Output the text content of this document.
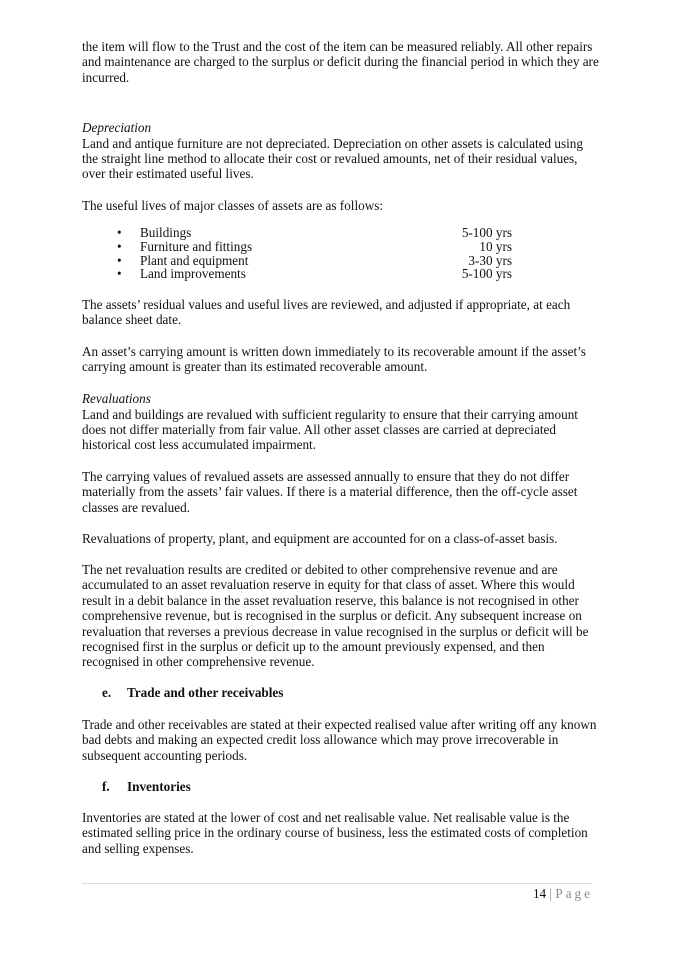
the item will flow to the Trust and the cost of the item can be measured reliably. All other repairs and maintenance are charged to the surplus or deficit during the financial period in which they are incurred.

Depreciation

Land and antique furniture are not depreciated. Depreciation on other assets is calculated using the straight line method to allocate their cost or revalued amounts, net of their residual values, over their estimated useful lives.

The useful lives of major classes of assets are as follows:

• Buildings	5-100 yrs
• Furniture and fittings	10 yrs
• Plant and equipment	3-30 yrs
• Land improvements	5-100 yrs

The assets’ residual values and useful lives are reviewed, and adjusted if appropriate, at each balance sheet date.

An asset’s carrying amount is written down immediately to its recoverable amount if the asset’s carrying amount is greater than its estimated recoverable amount.

Revaluations

Land and buildings are revalued with sufficient regularity to ensure that their carrying amount does not differ materially from fair value. All other asset classes are carried at depreciated historical cost less accumulated impairment.

The carrying values of revalued assets are assessed annually to ensure that they do not differ materially from the assets’ fair values. If there is a material difference, then the off-cycle asset classes are revalued.

Revaluations of property, plant, and equipment are accounted for on a class-of-asset basis.

The net revaluation results are credited or debited to other comprehensive revenue and are accumulated to an asset revaluation reserve in equity for that class of asset. Where this would result in a debit balance in the asset revaluation reserve, this balance is not recognised in other comprehensive revenue, but is recognised in the surplus or deficit. Any subsequent increase on revaluation that reverses a previous decrease in value recognised in the surplus or deficit will be recognised first in the surplus or deficit up to the amount previously expensed, and then recognised in other comprehensive revenue.

e. Trade and other receivables

Trade and other receivables are stated at their expected realised value after writing off any known bad debts and making an expected credit loss allowance which may prove irrecoverable in subsequent accounting periods.

f. Inventories

Inventories are stated at the lower of cost and net realisable value. Net realisable value is the estimated selling price in the ordinary course of business, less the estimated costs of completion and selling expenses.

14 | Page
